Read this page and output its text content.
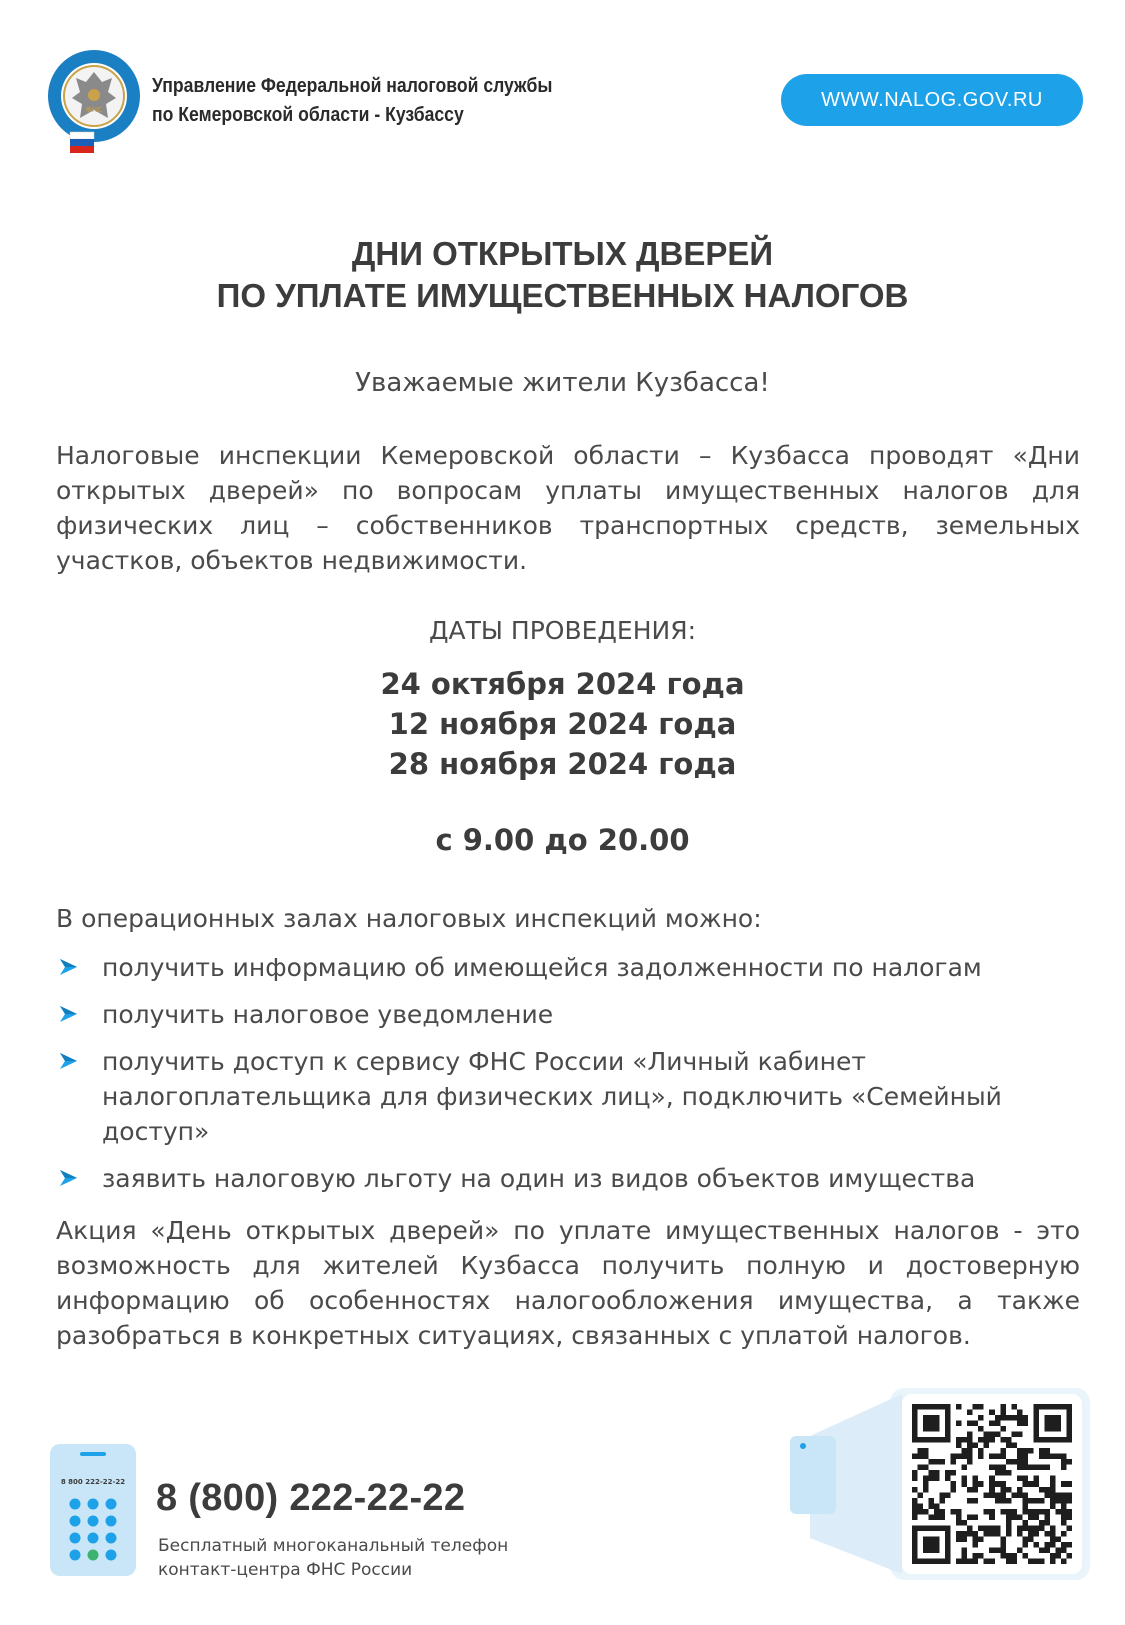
ФНС
Управление Федеральной налоговой службы
по Кемеровской области - Кузбассу
WWW.NALOG.GOV.RU
ДНИ ОТКРЫТЫХ ДВЕРЕЙ
ПО УПЛАТЕ ИМУЩЕСТВЕННЫХ НАЛОГОВ
Уважаемые жители Кузбасса!

Налоговые инспекции Кемеровской области – Кузбасса проводят «Дни открытых дверей» по вопросам уплаты имущественных налогов для физических лиц – собственников транспортных средств, земельных участков, объектов недвижимости.

ДАТЫ ПРОВЕДЕНИЯ:
24 октября 2024 года
12 ноября 2024 года
28 ноября 2024 года
с 9.00 до 20.00
В операционных залах налоговых инспекций можно:
получить информацию об имеющейся задолженности по налогам
получить налоговое уведомление
получить доступ к сервису ФНС России «Личный кабинет налогоплательщика для физических лиц», подключить «Семейный доступ»
заявить налоговую льготу на один из видов объектов имущества

Акция «День открытых дверей» по уплате имущественных налогов - это возможность для жителей Кузбасса получить полную и достоверную информацию об особенностях налогообложения имущества, а также разобраться в конкретных ситуациях, связанных с уплатой налогов.

8 800 222-22-22 8 (800) 222-22-22
Бесплатный многоканальный телефон
контакт-центра ФНС России
